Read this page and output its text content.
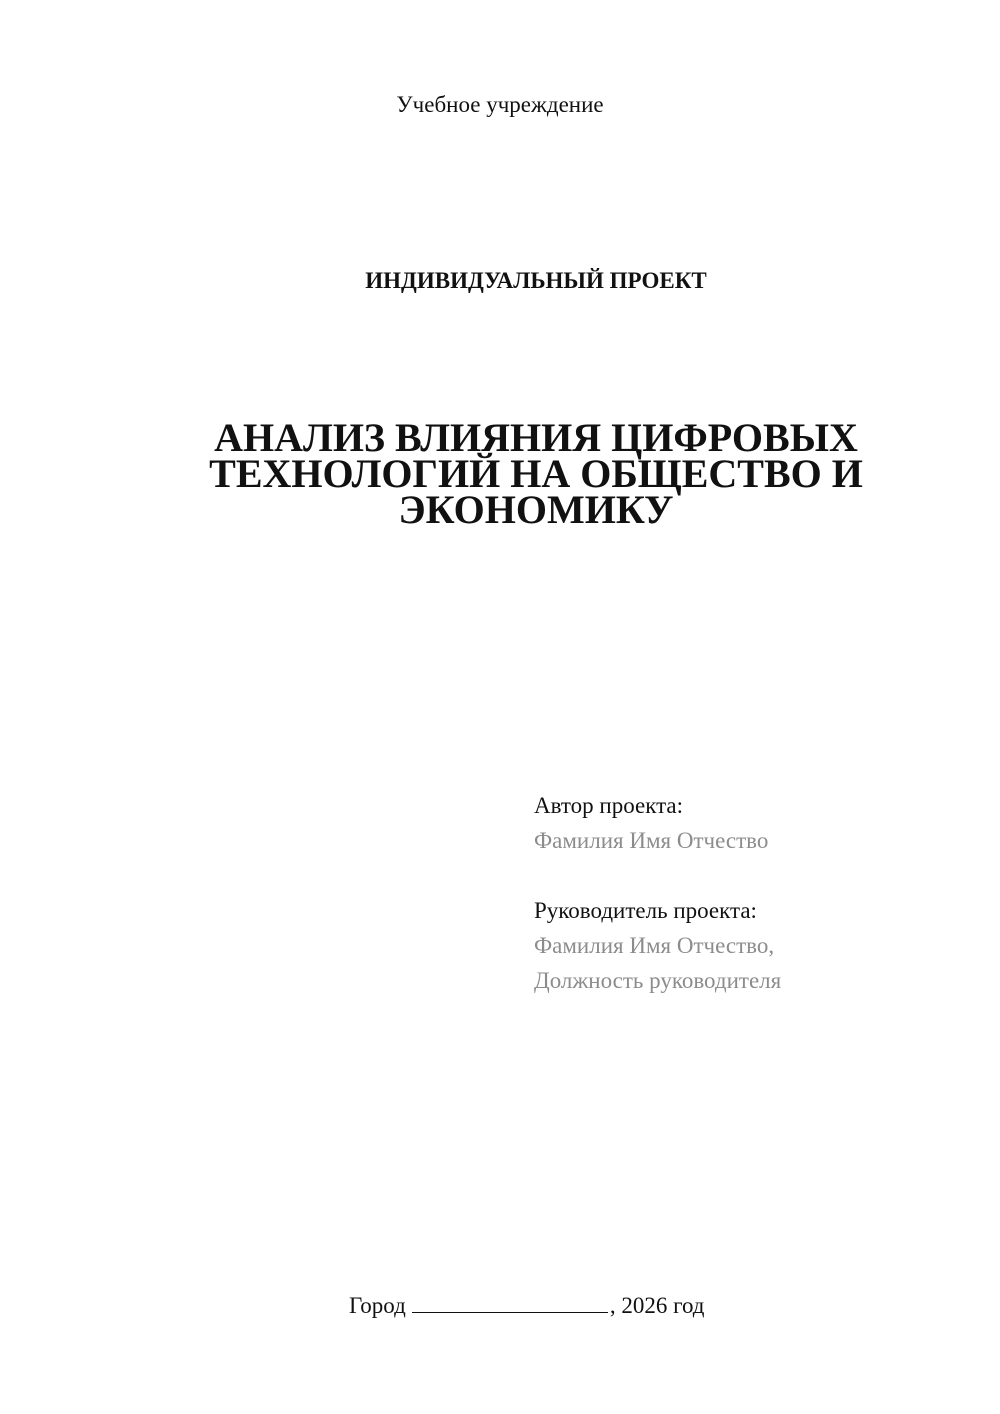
Учебное учреждение

ИНДИВИДУАЛЬНЫЙ ПРОЕКТ

АНАЛИЗ ВЛИЯНИЯ ЦИФРОВЫХ
ТЕХНОЛОГИЙ НА ОБЩЕСТВО И
ЭКОНОМИКУ
Автор проекта:
Фамилия Имя Отчество
Руководитель проекта:
Фамилия Имя Отчество,
Должность руководителя
Город	, 2026 год
